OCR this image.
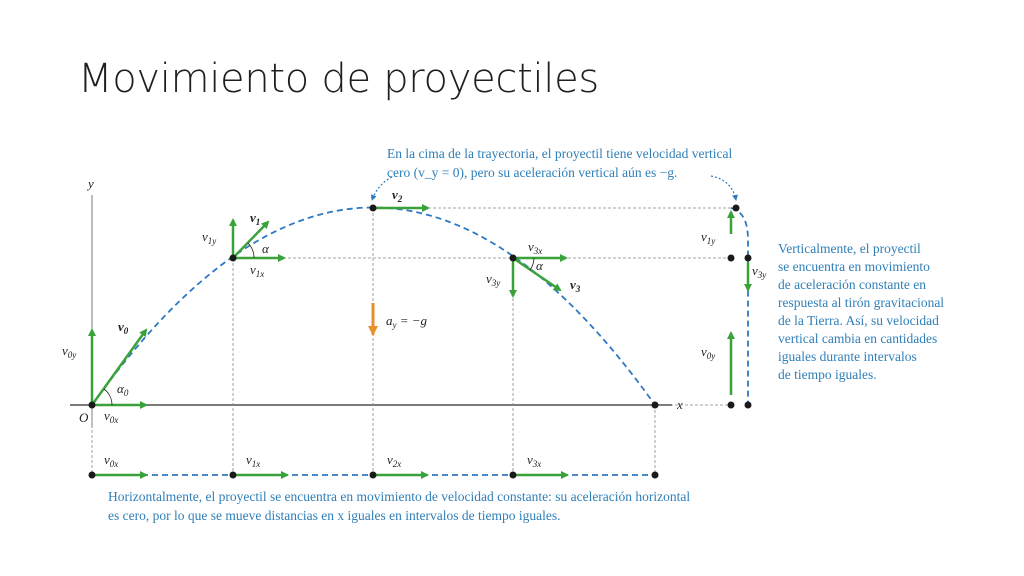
Movimiento de proyectiles
y
x
O
$v_{1y}$
$v_{3y}$
$v_{0y}$
$v_0$
$v_{0y}$
$v_{0x}$
$\alpha_0$
$v_1$
$v_{1y}$
$v_{1x}$
α
$v_2$
$a_y = -g$
$v_{3x}$
$v_{3y}$	$v_3$
α
$v_{0x}$	$v_{1x}$	$v_{2x}$	$v_{3x}$
En la cima de la trayectoria, el proyectil tiene velocidad vertical
cero (v_y = 0), pero su aceleración vertical aún es −g.
Verticalmente, el proyectil
se encuentra en movimiento
de aceleración constante en
respuesta al tirón gravitacional
de la Tierra. Así, su velocidad
vertical cambia en cantidades
iguales durante intervalos
de tiempo iguales.
Horizontalmente, el proyectil se encuentra en movimiento de velocidad constante: su aceleración horizontal
es cero, por lo que se mueve distancias en x iguales en intervalos de tiempo iguales.
